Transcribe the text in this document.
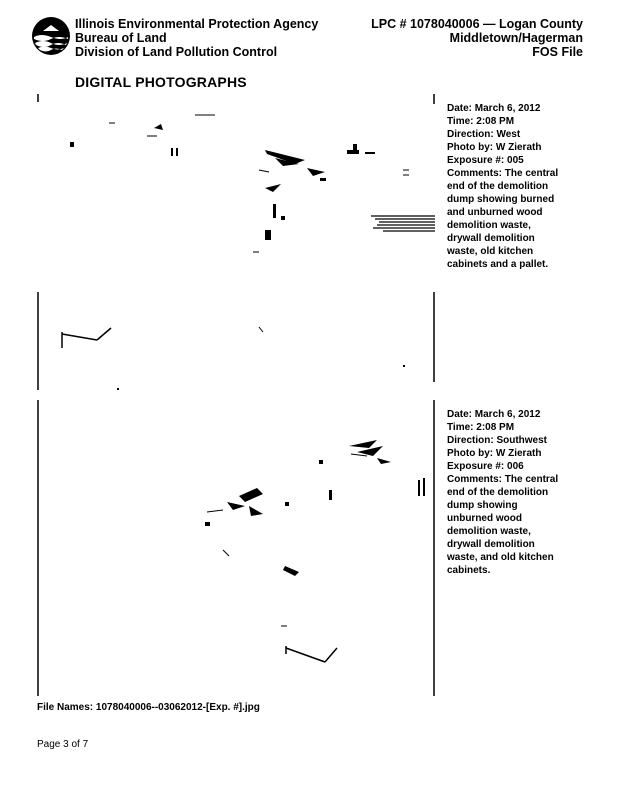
Illinois Environmental Protection Agency
Bureau of Land
Division of Land Pollution Control
LPC # 1078040006 — Logan County
Middletown/Hagerman
FOS File
DIGITAL PHOTOGRAPHS
Date: March 6, 2012
Time: 2:08 PM
Direction: West
Photo by: W Zierath
Exposure #: 005
Comments: The central
end of the demolition
dump showing burned
and unburned wood
demolition waste,
drywall demolition
waste, old kitchen
cabinets and a pallet.
Date: March 6, 2012
Time: 2:08 PM
Direction: Southwest
Photo by: W Zierath
Exposure #: 006
Comments: The central
end of the demolition
dump showing
unburned wood
demolition waste,
drywall demolition
waste, and old kitchen
cabinets.
File Names: 1078040006--03062012-[Exp. #].jpg
Page 3 of 7
